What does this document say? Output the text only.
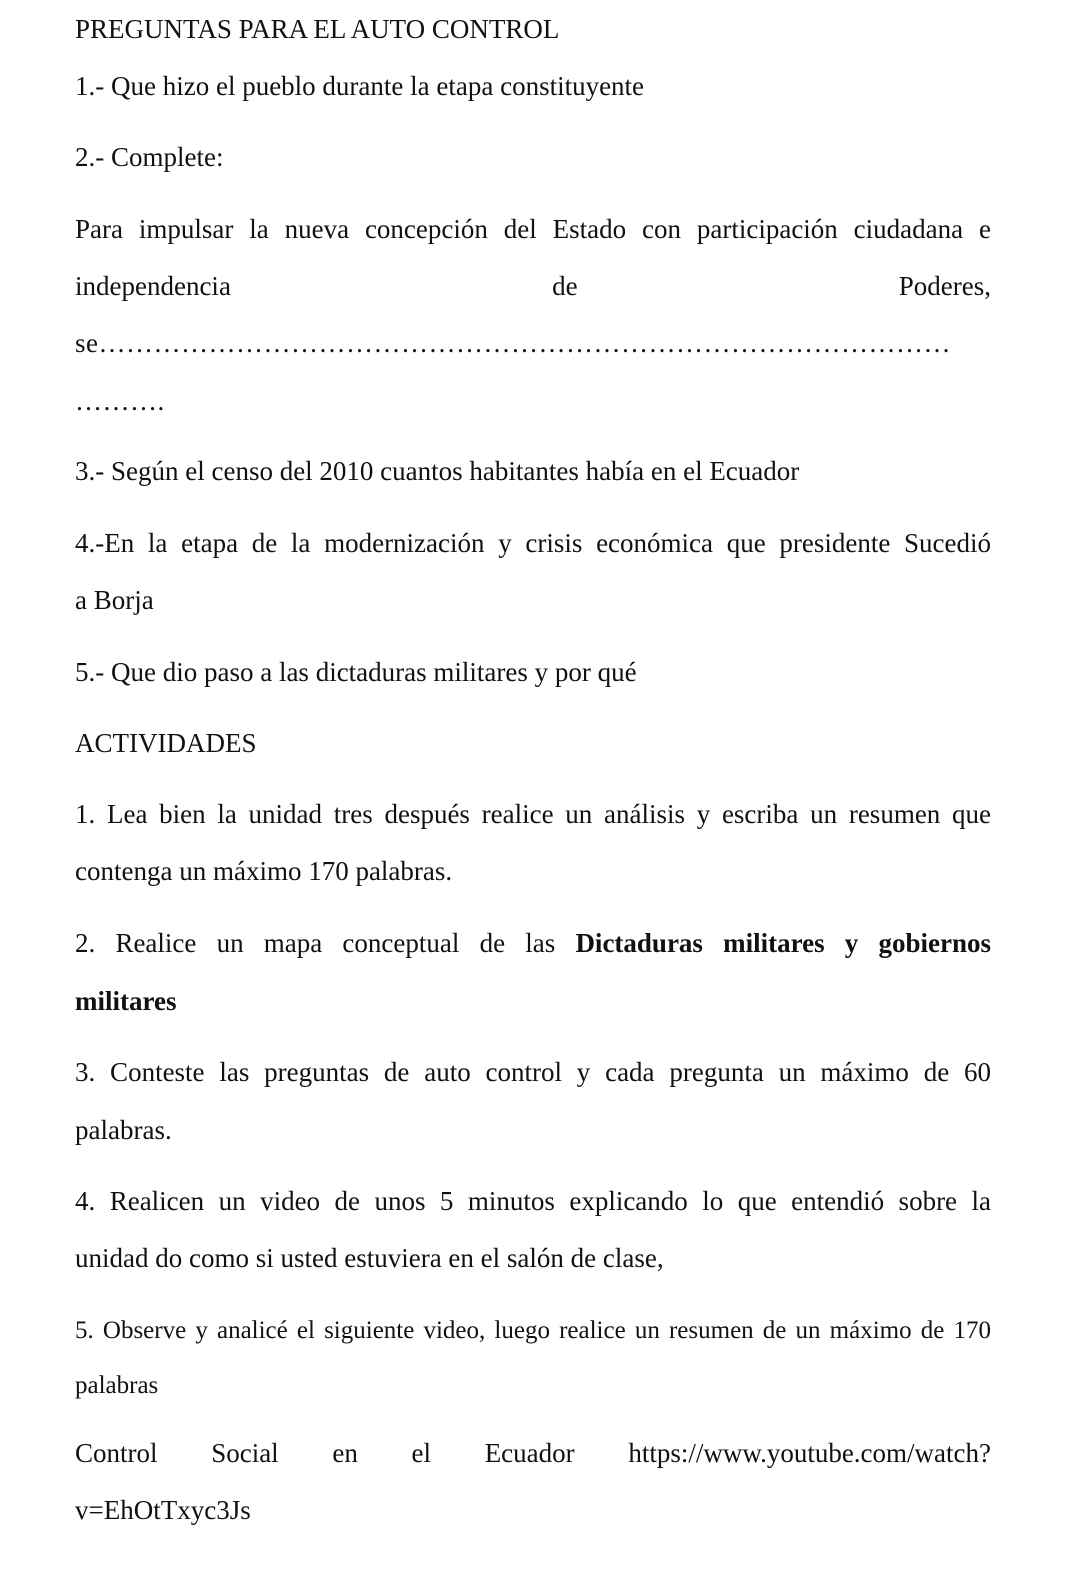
PREGUNTAS PARA EL AUTO CONTROL
1.- Que hizo el pueblo durante la etapa constituyente
2.- Complete:
Para impulsar la nueva concepción del Estado con participación ciudadana e
independencia	de	Poderes,
se…………………………………………………………………………………
……….
3.- Según el censo del 2010 cuantos habitantes había en el Ecuador
4.-En la etapa de la modernización y crisis económica que presidente Sucedió
a Borja
5.- Que dio paso a las dictaduras militares y por qué
ACTIVIDADES
1. Lea bien la unidad tres después realice un análisis y escriba un resumen que
contenga un máximo 170 palabras.
2. Realice un mapa conceptual de las Dictaduras militares y gobiernos
militares
3. Conteste las preguntas de auto control y cada pregunta un máximo de 60
palabras.
4. Realicen un video de unos 5 minutos explicando lo que entendió sobre la
unidad do como si usted estuviera en el salón de clase,
5. Observe y analicé el siguiente video, luego realice un resumen de un máximo de 170
palabras
Control Social en el Ecuador https://www.youtube.com/watch?
v=EhOtTxyc3Js
